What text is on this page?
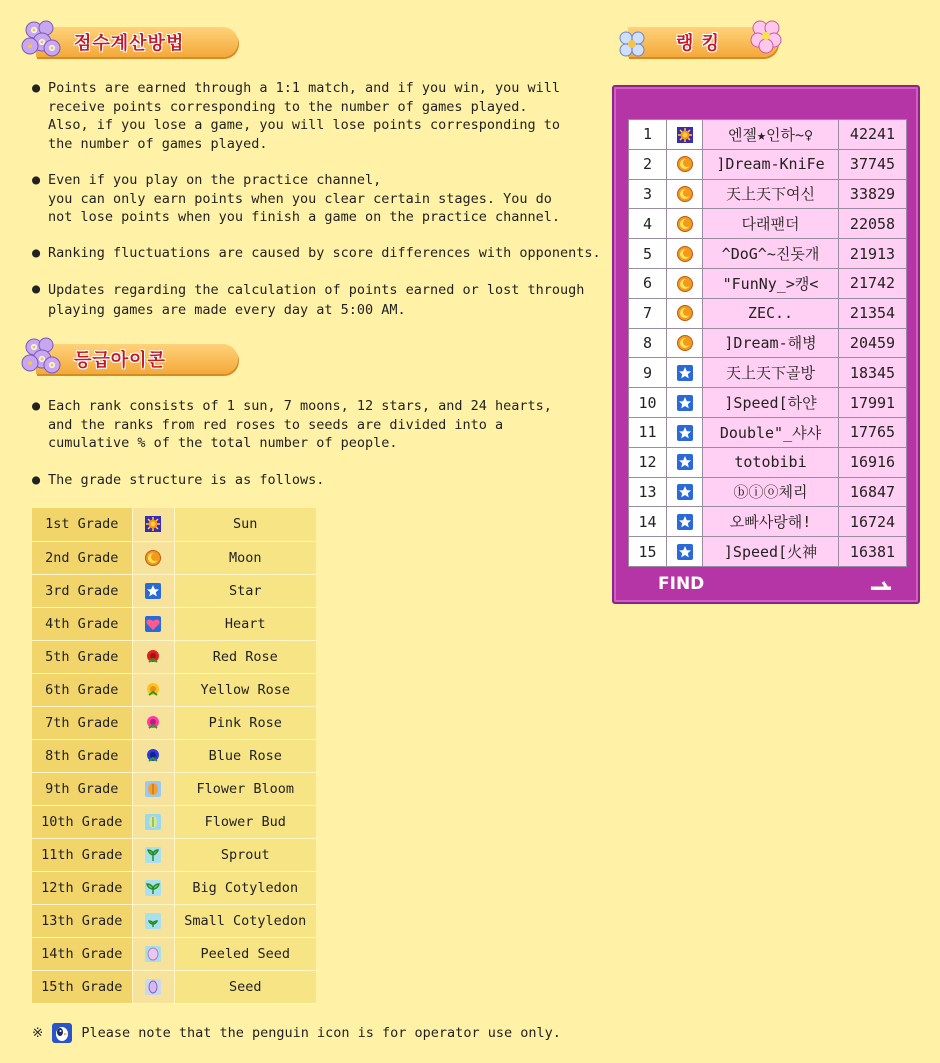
점수계산방법
● Points are earned through a 1:1 match, and if you win, you will
receive points corresponding to the number of games played.
Also, if you lose a game, you will lose points corresponding to
the number of games played.
● Even if you play on the practice channel,
you can only earn points when you clear certain stages. You do
not lose points when you finish a game on the practice channel.
● Ranking fluctuations are caused by score differences with opponents.
● Updates regarding the calculation of points earned or lost through
playing games are made every day at 5:00 AM.
등급아이콘
● Each rank consists of 1 sun, 7 moons, 12 stars, and 24 hearts,
and the ranks from red roses to seeds are divided into a
cumulative % of the total number of people.
● The grade structure is as follows.
1st Grade		Sun
2nd Grade		Moon
3rd Grade		Star
4th Grade		Heart
5th Grade		Red Rose
6th Grade		Yellow Rose
7th Grade		Pink Rose
8th Grade		Blue Rose
9th Grade		Flower Bloom
10th Grade		Flower Bud
11th Grade		Sprout
12th Grade		Big Cotyledon
13th Grade		Small Cotyledon
14th Grade		Peeled Seed
15th Grade		Seed
랭 킹
1		엔젤★인하~♀	42241
2		]Dream-KniFe	37745
3		天上天下여신	33829
4		다래팬더	22058
5		^DoG^~진돗개	21913
6		"FunNy_>캥<	21742
7		ZEC..	21354
8		]Dream-해병	20459
9		天上天下골방	18345
10		]Speed[하얀	17991
11		Double"_샤샤	17765
12		totobibi	16916
13		ⓑⓘⓞ체리	16847
14		오빠사랑해!	16724
15		]Speed[火神	16381
FIND
※	Please note that the penguin icon is for operator use only.
